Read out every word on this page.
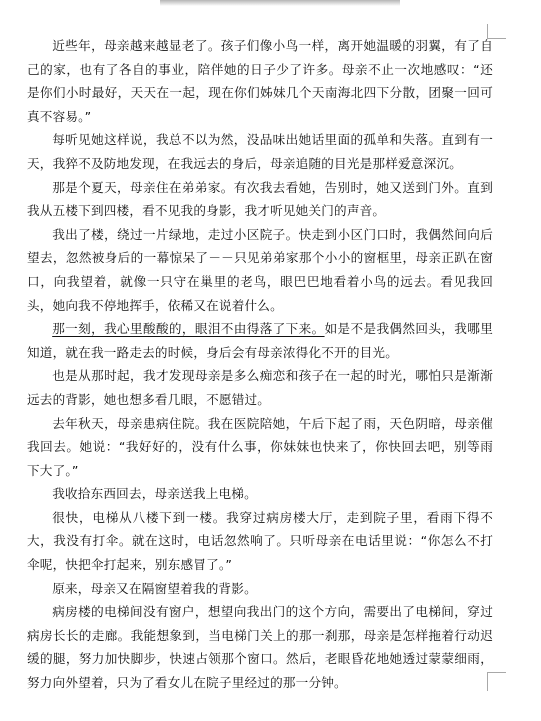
近些年，母亲越来越显老了。孩子们像小鸟一样，离开她温暖的羽翼，有了自己的家，也有了各自的事业，陪伴她的日子少了许多。母亲不止一次地感叹：“还是你们小时最好，天天在一起，现在你们姊妹几个天南海北四下分散，团聚一回可真不容易。”

每听见她这样说，我总不以为然，没品味出她话里面的孤单和失落。直到有一天，我猝不及防地发现，在我远去的身后，母亲追随的目光是那样爱意深沉。

那是个夏天，母亲住在弟弟家。有次我去看她，告别时，她又送到门外。直到我从五楼下到四楼，看不见我的身影，我才听见她关门的声音。

我出了楼，绕过一片绿地，走过小区院子。快走到小区门口时，我偶然间向后望去，忽然被身后的一幕惊呆了－－只见弟弟家那个小小的窗框里，母亲正趴在窗口，向我望着，就像一只守在巢里的老鸟，眼巴巴地看着小鸟的远去。看见我回头，她向我不停地挥手，依稀又在说着什么。

那一刻，我心里酸酸的，眼泪不由得落了下来。如是不是我偶然回头，我哪里知道，就在我一路走去的时候，身后会有母亲浓得化不开的目光。

也是从那时起，我才发现母亲是多么痴恋和孩子在一起的时光，哪怕只是渐渐远去的背影，她也想多看几眼，不愿错过。

去年秋天，母亲患病住院。我在医院陪她，午后下起了雨，天色阴暗，母亲催我回去。她说：“我好好的，没有什么事，你妹妹也快来了，你快回去吧，别等雨下大了。”

我收拾东西回去，母亲送我上电梯。

很快，电梯从八楼下到一楼。我穿过病房楼大厅，走到院子里，看雨下得不大，我没有打伞。就在这时，电话忽然响了。只听母亲在电话里说：“你怎么不打伞呢，快把伞打起来，别东感冒了。”

原来，母亲又在隔窗望着我的背影。

病房楼的电梯间没有窗户，想望向我出门的这个方向，需要出了电梯间，穿过病房长长的走廊。我能想象到，当电梯门关上的那一刹那，母亲是怎样拖着行动迟缓的腿，努力加快脚步，快速占领那个窗口。然后，老眼昏花地她透过蒙蒙细雨，努力向外望着，只为了看女儿在院子里经过的那一分钟。
